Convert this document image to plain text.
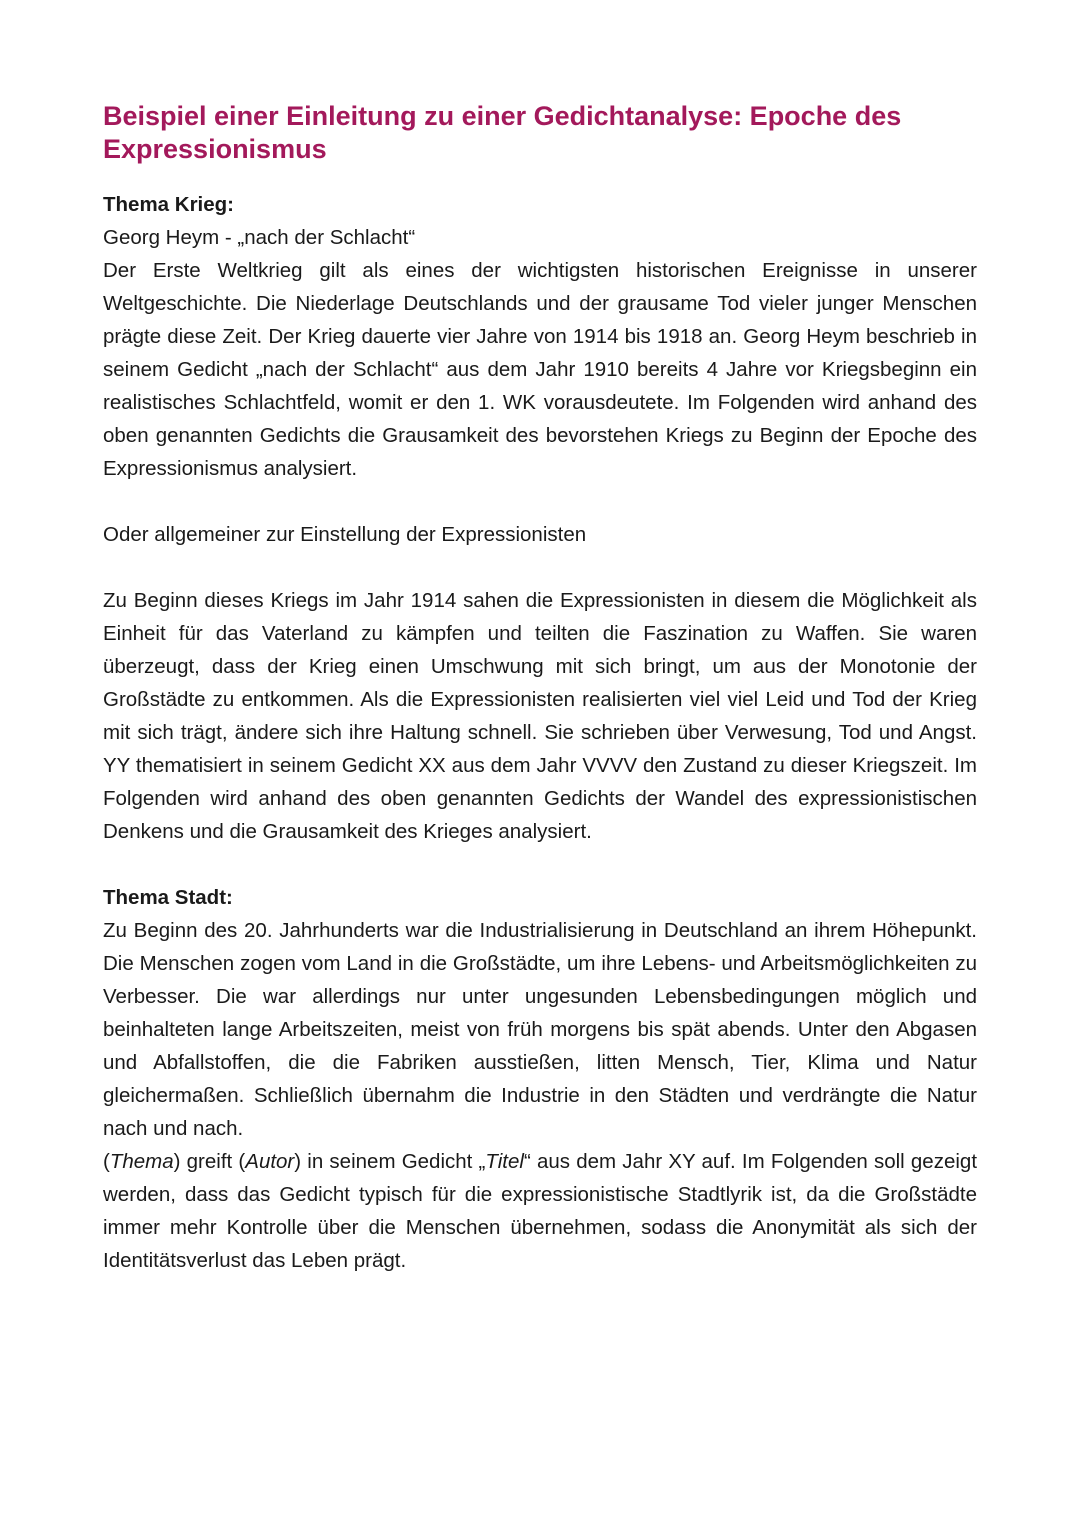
Beispiel einer Einleitung zu einer Gedichtanalyse: Epoche des Expressionismus

Thema Krieg:

Georg Heym - „nach der Schlacht“

Der Erste Weltkrieg gilt als eines der wichtigsten historischen Ereignisse in unserer Weltgeschichte. Die Niederlage Deutschlands und der grausame Tod vieler junger Menschen prägte diese Zeit. Der Krieg dauerte vier Jahre von 1914 bis 1918 an. Georg Heym beschrieb in seinem Gedicht „nach der Schlacht“ aus dem Jahr 1910 bereits 4 Jahre vor Kriegsbeginn ein realistisches Schlachtfeld, womit er den 1. WK vorausdeutete. Im Folgenden wird anhand des oben genannten Gedichts die Grausamkeit des bevorstehen Kriegs zu Beginn der Epoche des Expressionismus analysiert.

Oder allgemeiner zur Einstellung der Expressionisten

Zu Beginn dieses Kriegs im Jahr 1914 sahen die Expressionisten in diesem die Möglichkeit als Einheit für das Vaterland zu kämpfen und teilten die Faszination zu Waffen. Sie waren überzeugt, dass der Krieg einen Umschwung mit sich bringt, um aus der Monotonie der Großstädte zu entkommen. Als die Expressionisten realisierten viel viel Leid und Tod der Krieg mit sich trägt, ändere sich ihre Haltung schnell. Sie schrieben über Verwesung, Tod und Angst. YY thematisiert in seinem Gedicht XX aus dem Jahr VVVV den Zustand zu dieser Kriegszeit. Im Folgenden wird anhand des oben genannten Gedichts der Wandel des expressionistischen Denkens und die Grausamkeit des Krieges analysiert.

Thema Stadt:

Zu Beginn des 20. Jahrhunderts war die Industrialisierung in Deutschland an ihrem Höhepunkt. Die Menschen zogen vom Land in die Großstädte, um ihre Lebens- und Arbeitsmöglichkeiten zu Verbesser. Die war allerdings nur unter ungesunden Lebensbedingungen möglich und beinhalteten lange Arbeitszeiten, meist von früh morgens bis spät abends. Unter den Abgasen und Abfallstoffen, die die Fabriken ausstießen, litten Mensch, Tier, Klima und Natur gleichermaßen. Schließlich übernahm die Industrie in den Städten und verdrängte die Natur nach und nach.

(Thema) greift (Autor) in seinem Gedicht „Titel“ aus dem Jahr XY auf. Im Folgenden soll gezeigt werden, dass das Gedicht typisch für die expressionistische Stadtlyrik ist, da die Großstädte immer mehr Kontrolle über die Menschen übernehmen, sodass die Anonymität als sich der Identitätsverlust das Leben prägt.
